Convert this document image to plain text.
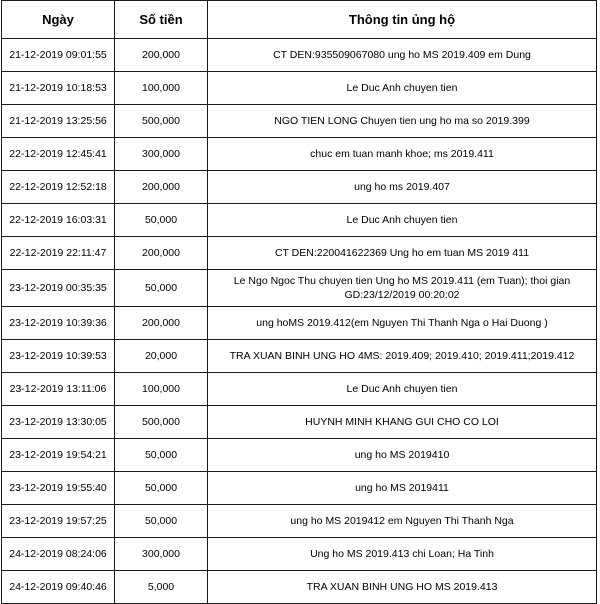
Ngày	Số tiền	Thông tin ủng hộ
21-12-2019 09:01:55	200,000	CT DEN:935509067080 ung ho MS 2019.409 em Dung
21-12-2019 10:18:53	100,000	Le Duc Anh chuyen tien
21-12-2019 13:25:56	500,000	NGO TIEN LONG Chuyen tien ung ho ma so 2019.399
22-12-2019 12:45:41	300,000	chuc em tuan manh khoe; ms 2019.411
22-12-2019 12:52:18	200,000	ung ho ms 2019.407
22-12-2019 16:03:31	50,000	Le Duc Anh chuyen tien
22-12-2019 22:11:47	200,000	CT DEN:220041622369 Ung ho em tuan MS 2019 411
23-12-2019 00:35:35	50,000	Le Ngo Ngoc Thu chuyen tien Ung ho MS 2019.411 (em Tuan); thoi gian GD:23/12/2019 00:20:02
23-12-2019 10:39:36	200,000	ung hoMS 2019.412(em Nguyen Thi Thanh Nga o Hai Duong )
23-12-2019 10:39:53	20,000	TRA XUAN BINH UNG HO 4MS: 2019.409; 2019.410; 2019.411;2019.412
23-12-2019 13:11:06	100,000	Le Duc Anh chuyen tien
23-12-2019 13:30:05	500,000	HUYNH MINH KHANG GUI CHO CO LOI
23-12-2019 19:54:21	50,000	ung ho MS 2019410
23-12-2019 19:55:40	50,000	ung ho MS 2019411
23-12-2019 19:57:25	50,000	ung ho MS 2019412 em Nguyen Thi Thanh Nga
24-12-2019 08:24:06	300,000	Ung ho MS 2019.413 chi Loan; Ha Tinh
24-12-2019 09:40:46	5,000	TRA XUAN BINH UNG HO MS 2019.413
